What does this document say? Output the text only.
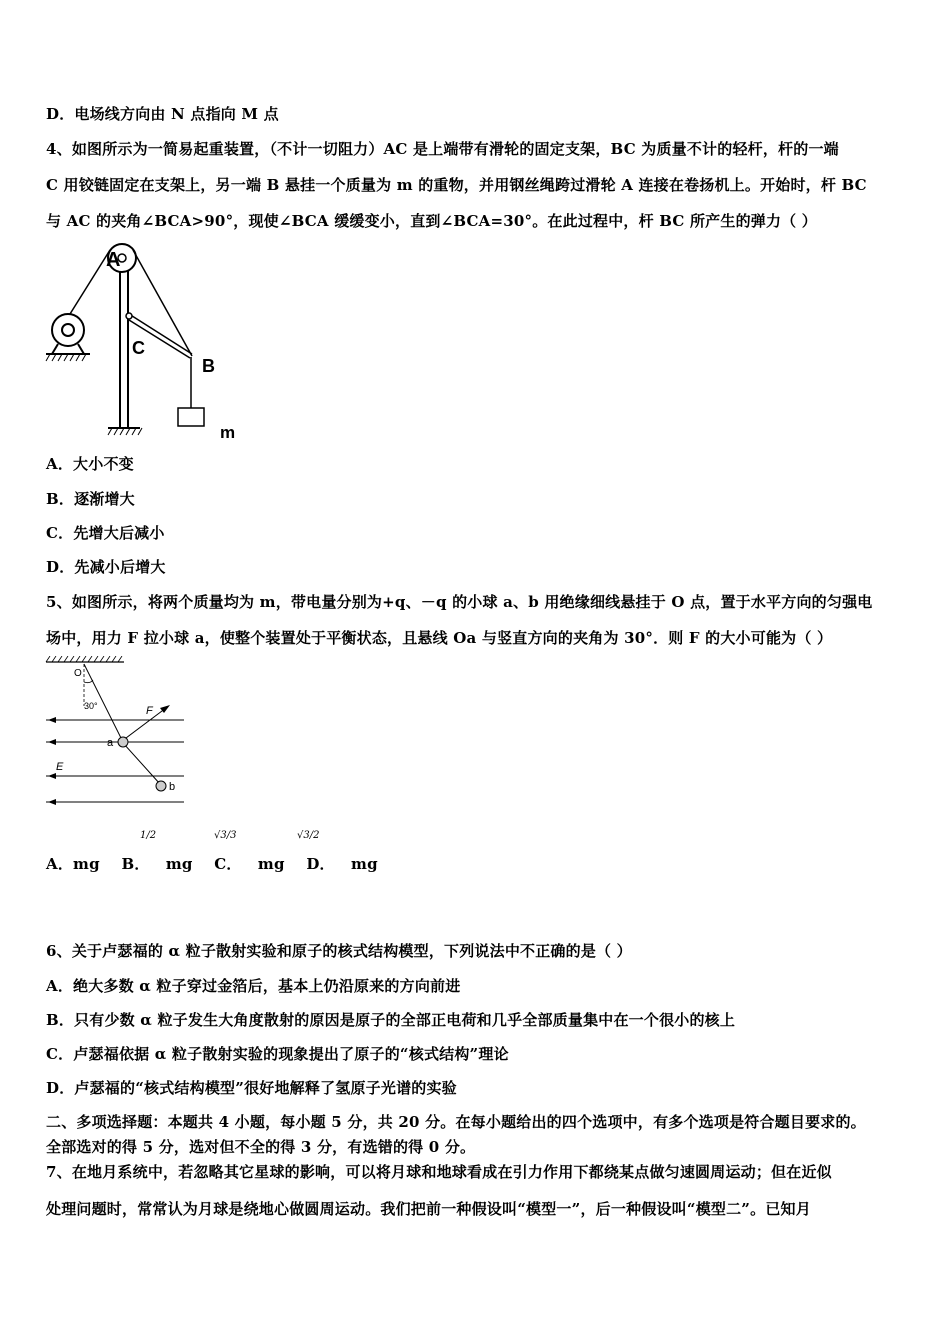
D．电场线方向由 N 点指向 M 点
4、如图所示为一简易起重装置，（不计一切阻力）AC 是上端带有滑轮的固定支架，BC 为质量不计的轻杆，杆的一端
C 用铰链固定在支架上，另一端 B 悬挂一个质量为 m 的重物，并用钢丝绳跨过滑轮 A 连接在卷扬机上。开始时，杆 BC
与 AC 的夹角∠BCA>90°，现使∠BCA 缓缓变小，直到∠BCA=30°。在此过程中，杆 BC 所产生的弹力（ ）
A
C
B
m
A．大小不变
B．逐渐增大
C．先增大后减小
D．先减小后增大
5、如图所示，将两个质量均为 m，带电量分别为+q、－q 的小球 a、b 用绝缘细线悬挂于 O 点，置于水平方向的匀强电
场中，用力 F 拉小球 a，使整个装置处于平衡状态，且悬线 Oa 与竖直方向的夹角为 30°．则 F 的大小可能为（ ）
O
30°	F
a
E
b
1/2	√3/3	√3/2
A．mg    B．   mg    C．   mg    D．   mg
6、关于卢瑟福的 α 粒子散射实验和原子的核式结构模型，下列说法中不正确的是（ ）
A．绝大多数 α 粒子穿过金箔后，基本上仍沿原来的方向前进
B．只有少数 α 粒子发生大角度散射的原因是原子的全部正电荷和几乎全部质量集中在一个很小的核上
C．卢瑟福依据 α 粒子散射实验的现象提出了原子的“核式结构”理论
D．卢瑟福的“核式结构模型”很好地解释了氢原子光谱的实验
二、多项选择题：本题共 4 小题，每小题 5 分，共 20 分。在每小题给出的四个选项中，有多个选项是符合题目要求的。
全部选对的得 5 分，选对但不全的得 3 分，有选错的得 0 分。
7、在地月系统中，若忽略其它星球的影响，可以将月球和地球看成在引力作用下都绕某点做匀速圆周运动；但在近似
处理问题时，常常认为月球是绕地心做圆周运动。我们把前一种假设叫“模型一”，后一种假设叫“模型二”。已知月
